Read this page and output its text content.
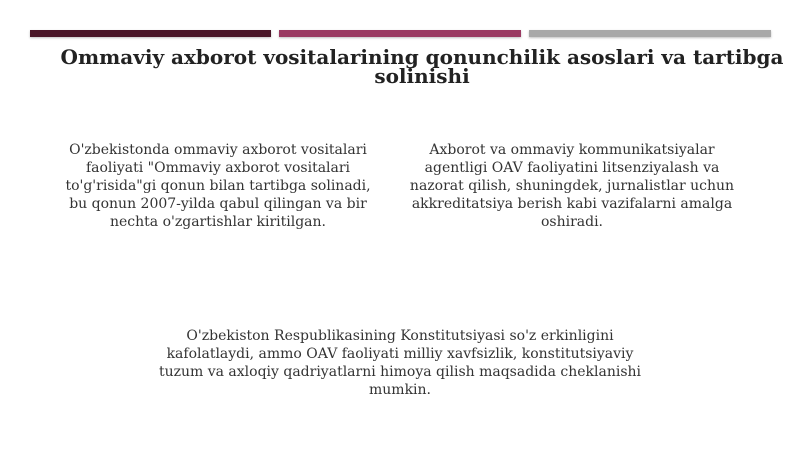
Ommaviy axborot vositalarining qonunchilik asoslari va tartibga solinishi

O'zbekistonda ommaviy axborot vositalari faoliyati "Ommaviy axborot vositalari to'g'risida"gi qonun bilan tartibga solinadi, bu qonun 2007-yilda qabul qilingan va bir nechta o'zgartishlar kiritilgan.

Axborot va ommaviy kommunikatsiyalar agentligi OAV faoliyatini litsenziyalash va nazorat qilish, shuningdek, jurnalistlar uchun akkreditatsiya berish kabi vazifalarni amalga oshiradi.

O'zbekiston Respublikasining Konstitutsiyasi so'z erkinligini kafolatlaydi, ammo OAV faoliyati milliy xavfsizlik, konstitutsiyaviy tuzum va axloqiy qadriyatlarni himoya qilish maqsadida cheklanishi mumkin.
